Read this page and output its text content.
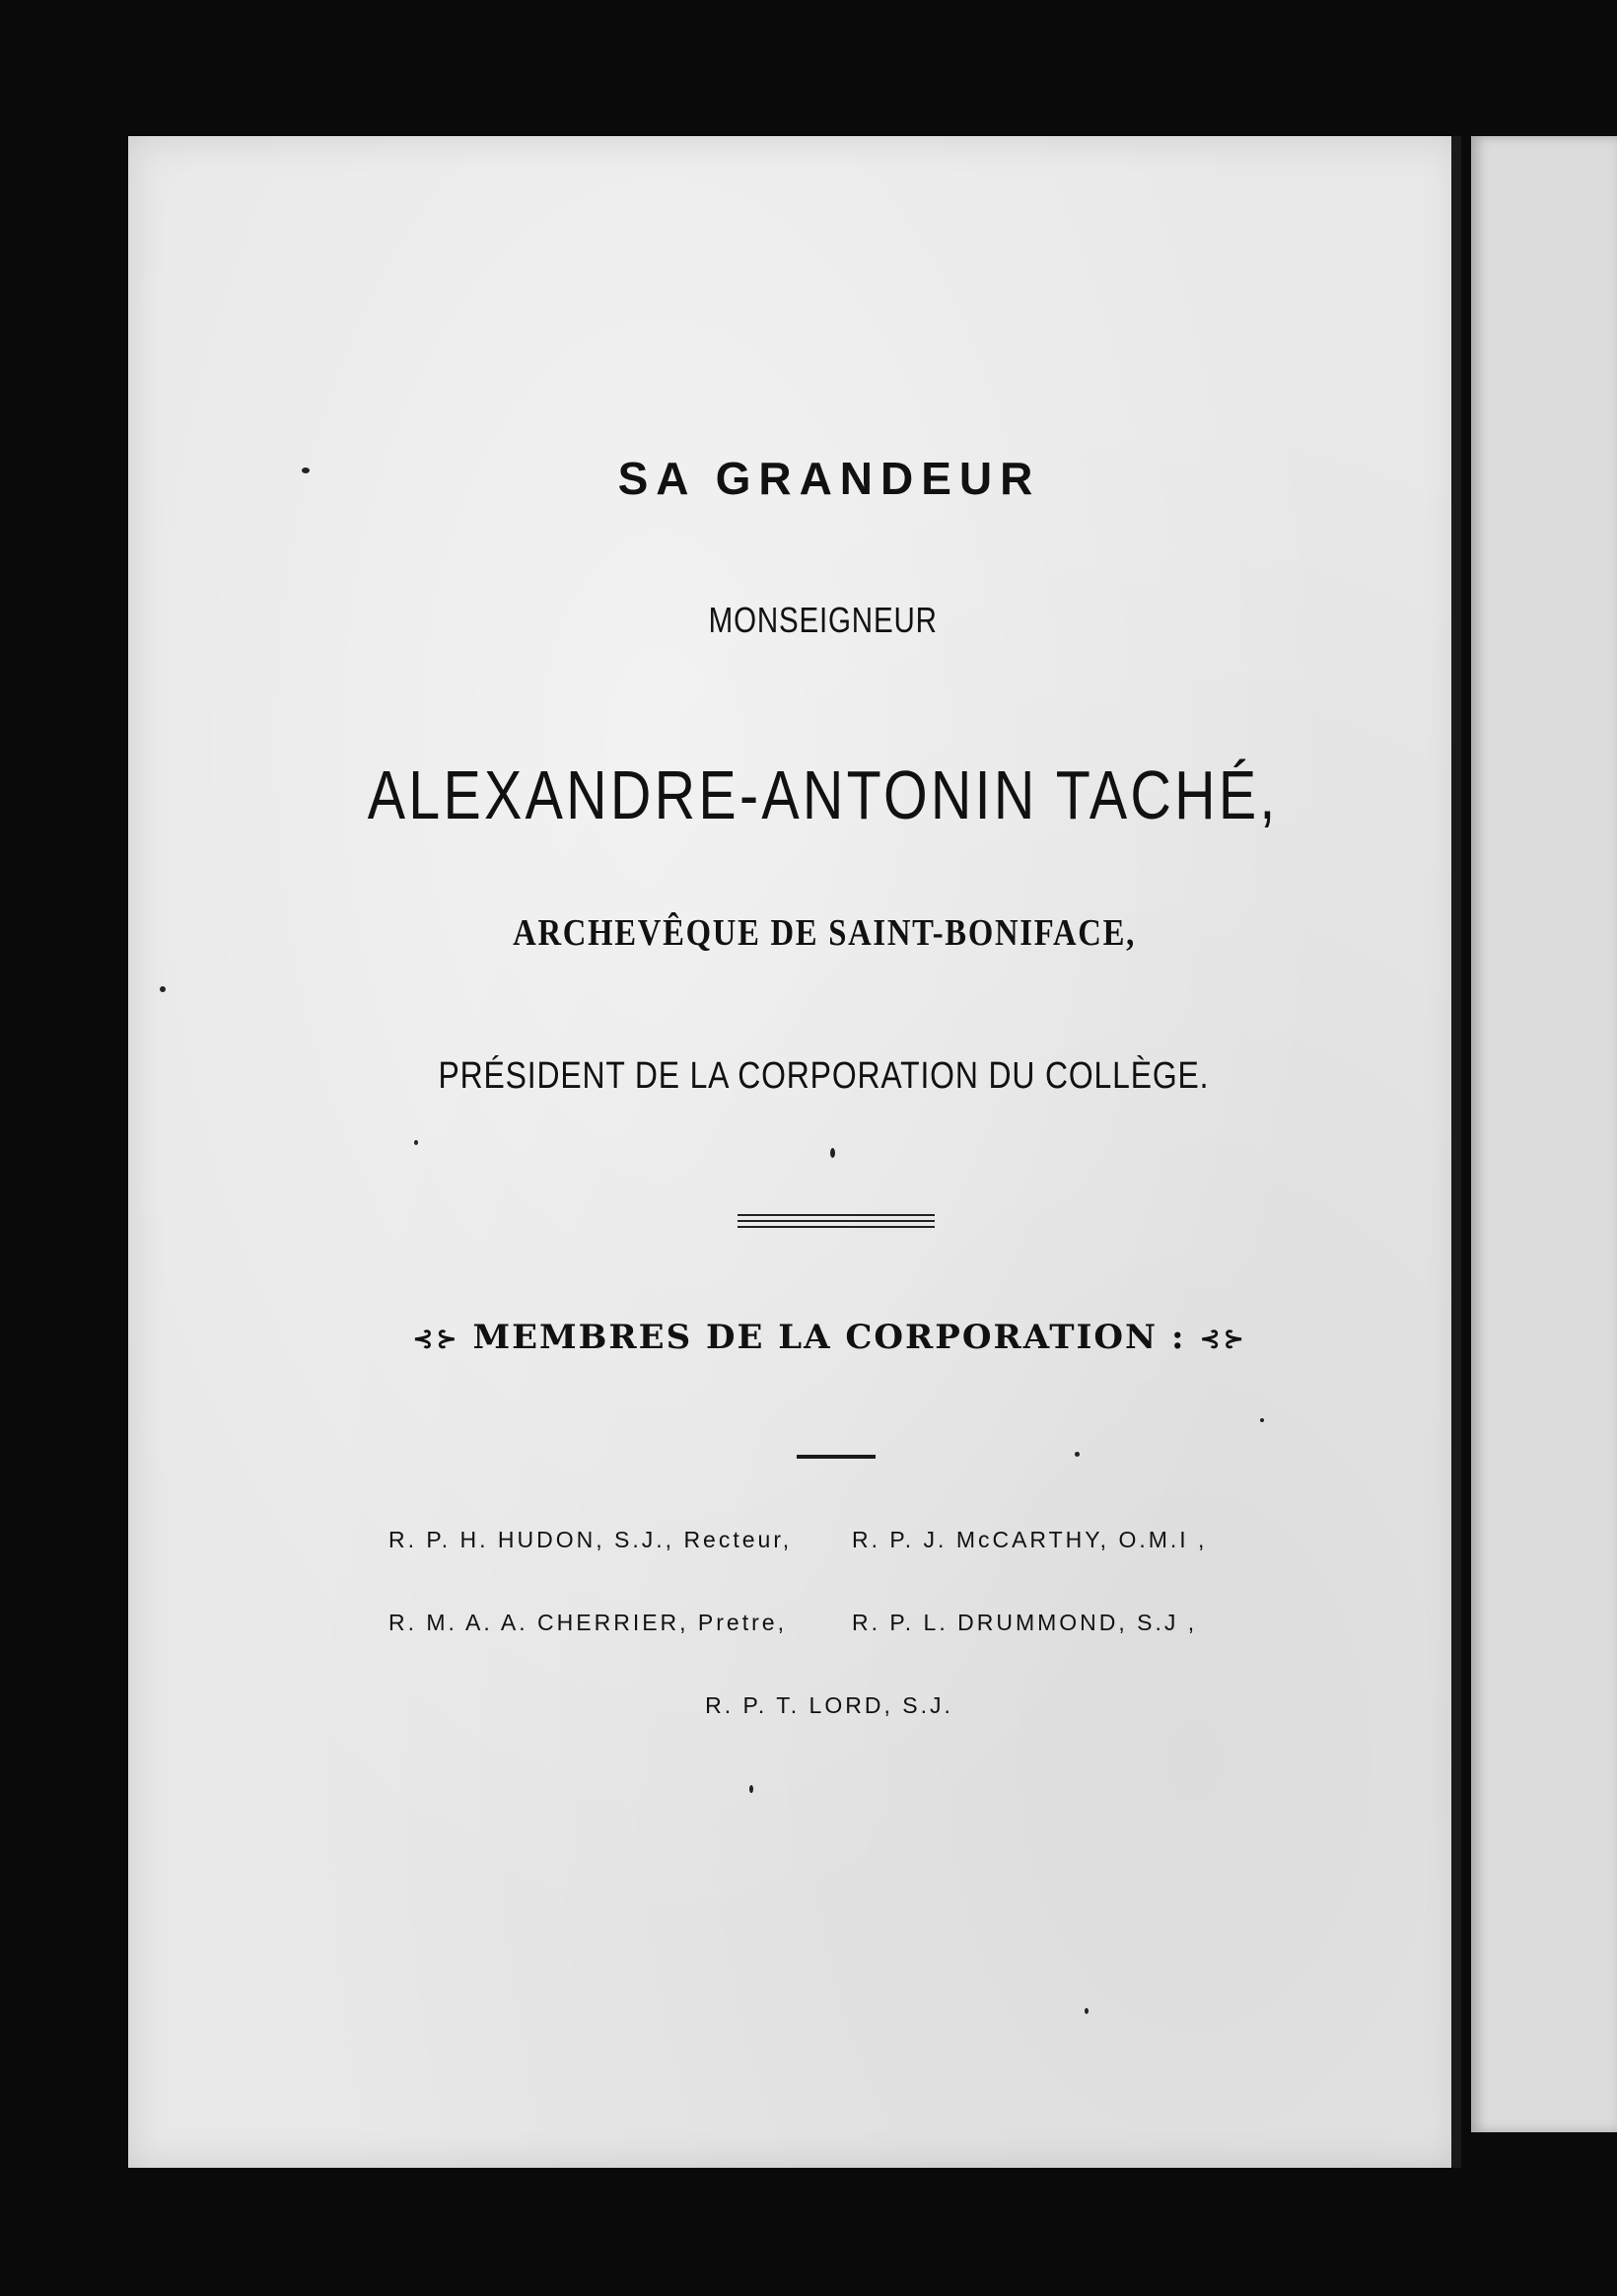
SA GRANDEUR
MONSEIGNEUR
ALEXANDRE-ANTONIN TACHÉ,
ARCHEVÊQUE DE SAINT-BONIFACE,
PRÉSIDENT DE LA CORPORATION DU COLLÈGE.
⊰⊱ MEMBRES DE LA CORPORATION : ⊰⊱
R. P. H. HUDON, S.J., Recteur,	R. P. J. McCARTHY, O.M.I ,
R. M. A. A. CHERRIER, Pretre,	R. P. L. DRUMMOND, S.J ,
R. P. T. LORD, S.J.
